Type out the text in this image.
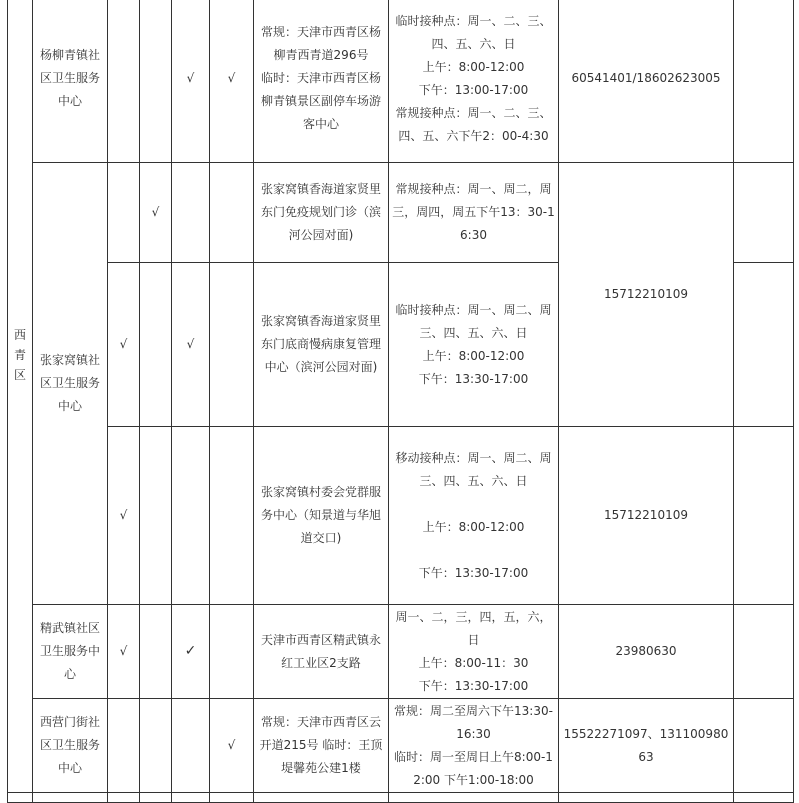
西青区	杨柳青镇社区卫生服务中心			√	√	常规：天津市西青区杨柳青西青道296号　　　临时：天津市西青区杨柳青镇景区副停车场游客中心	临时接种点：周一、二、三、四、五、六、日
上午：8:00-12:00
下午：13:00-17:00
常规接种点：周一、二、三、四、五、六下午2：00-4:30	60541401/18602623005	
	张家窝镇社区卫生服务中心		√			张家窝镇香海道家贤里东门免疫规划门诊（滨河公园对面)	常规接种点：周一、周二，周三，周四，周五下午13：30-16:30	15712210109	
		√		√		张家窝镇香海道家贤里东门底商慢病康复管理中心（滨河公园对面)	临时接种点：周一、周二、周三、四、五、六、日
上午：8:00-12:00
下午：13:30-17:00		

		√				张家窝镇村委会党群服务中心（知景道与华旭道交口)	移动接种点：周一、周二、周三、四、五、六、日
上午：8:00-12:00
下午：13:30-17:00	15712210109	
	精武镇社区卫生服务中心	√		✓		天津市西青区精武镇永红工业区2支路	周一、二，三，四，五，六，日
上午：8:00-11：30
下午：13:30-17:00	23980630	
	西营门街社区卫生服务中心				√	常规：天津市西青区云开道215号 临时：王顶堤馨苑公建1楼	常规：周二至周六下午13:30-16:30
临时：周一至周日上午8:00-12:00 下午1:00-18:00	15522271097、13110098063	
